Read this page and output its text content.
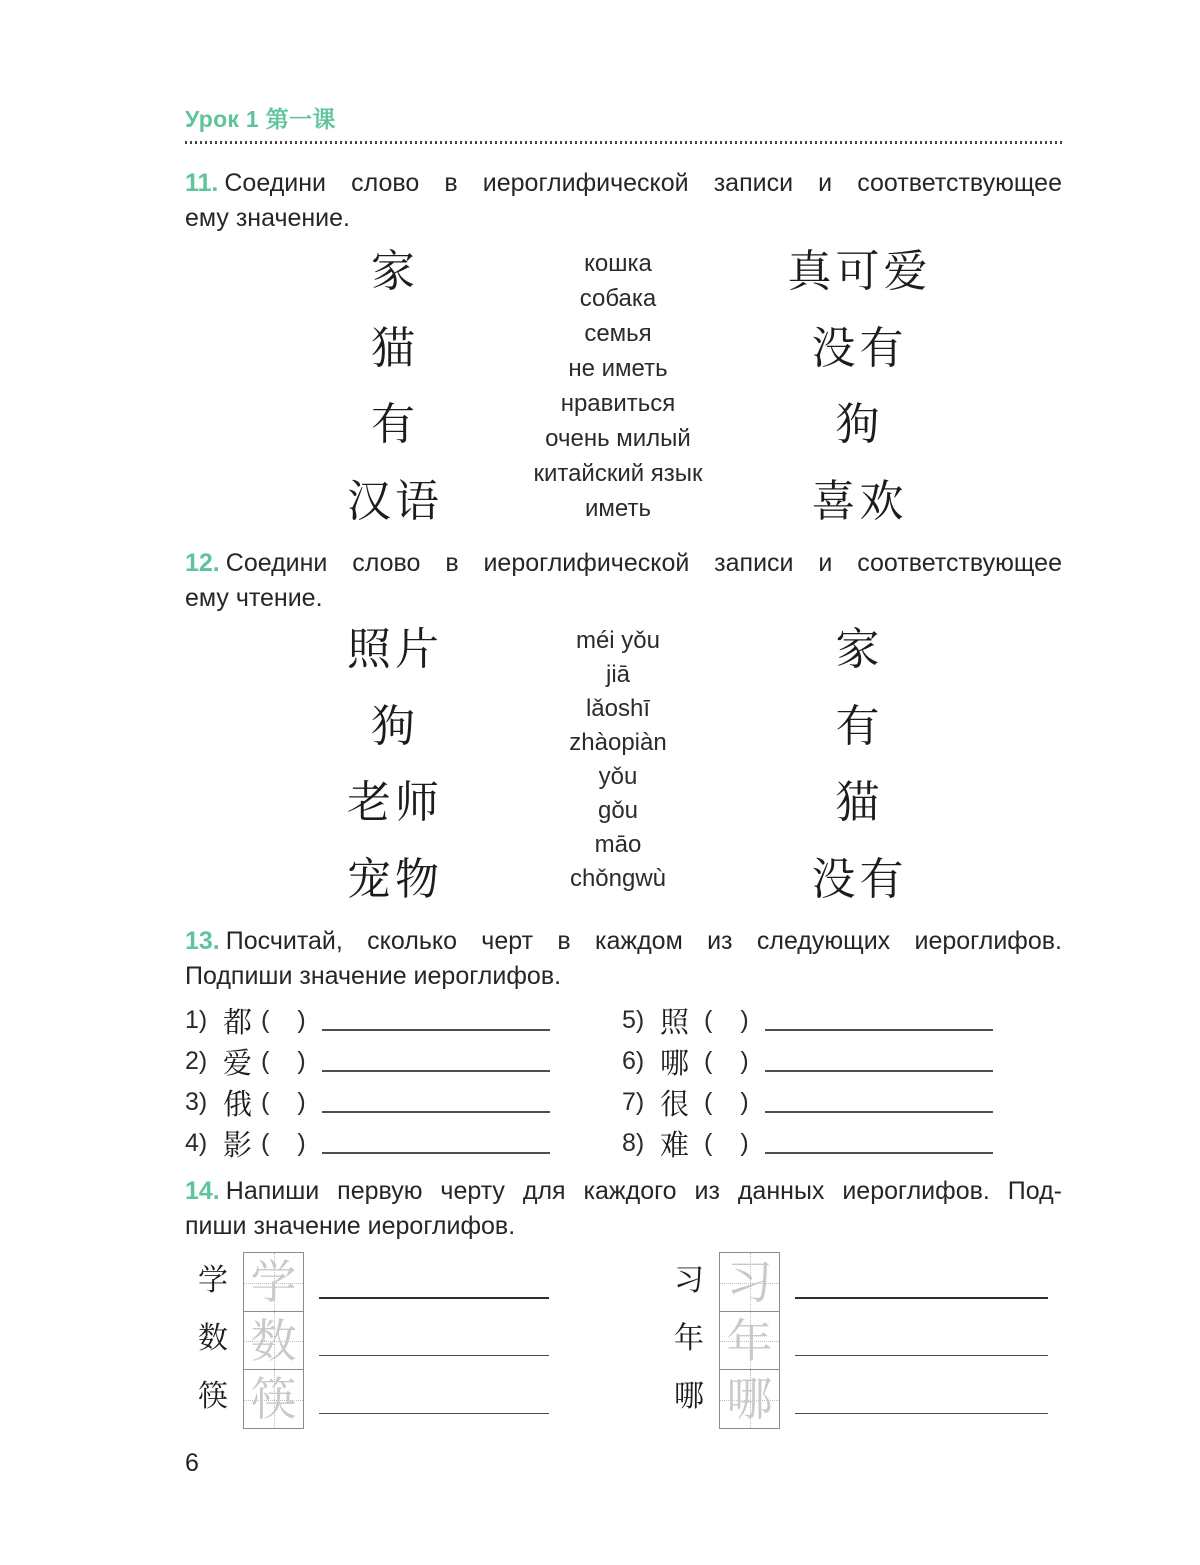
Урок 1 第一课
11. Соедини слово в иероглифической записи и соответствующее
ему значение.
家
猫
有
汉语
кошка
собака
семья
не иметь
нравиться
очень милый
китайский язык
иметь
真可爱
没有
狗
喜欢
12. Соедини слово в иероглифической записи и соответствующее
ему чтение.
照片
狗
老师
宠物
méi yǒu
jiā
lǎoshī
zhàopiàn
yǒu
gǒu
māo
chǒngwù
家
有
猫
没有
13. Посчитай, сколько черт в каждом из следующих иероглифов.
Подпиши значение иероглифов.
1) 都 ( )
2) 爱 ( )
3) 俄 ( )
4) 影 ( )
5) 照 ( )
6) 哪 ( )
7) 很 ( )
8) 难 ( )
14. Напиши первую черту для каждого из данных иероглифов. Под-
пиши значение иероглифов.
学
数
筷
学
数
筷
习
年
哪
习
年
哪
6
